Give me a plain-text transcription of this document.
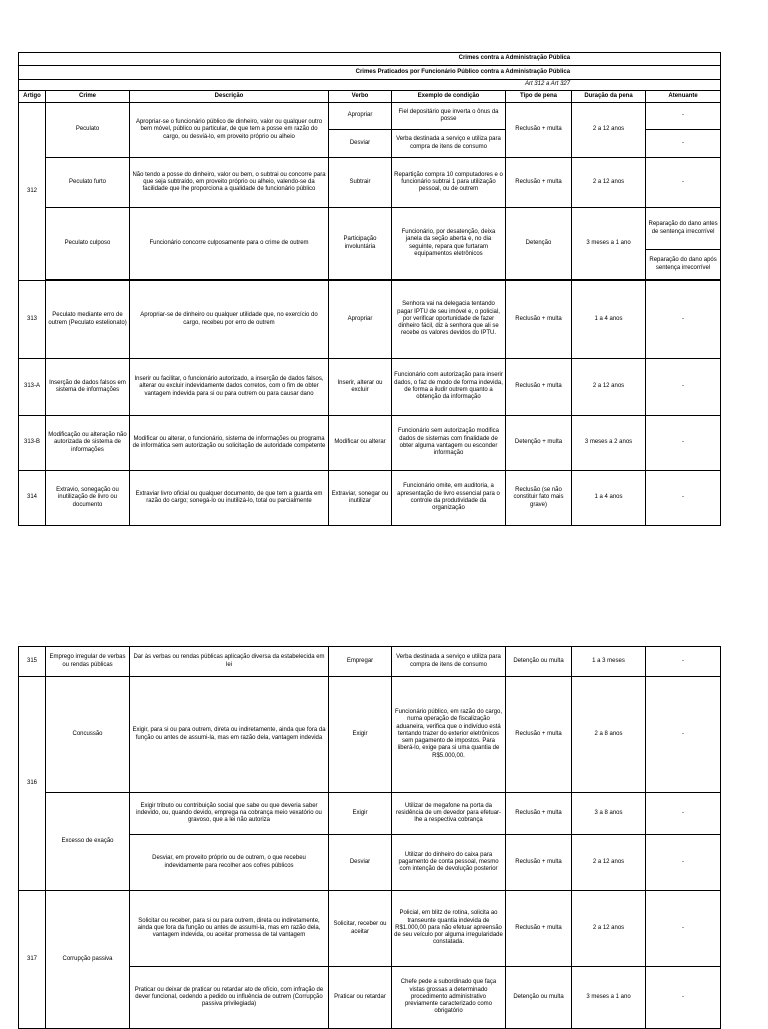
Crimes contra a Administração Pública							
Crimes Praticados por Funcionário Público contra a Administração Pública							
Art 312 a Art 327							
Artigo	Crime	Descrição	Verbo	Exemplo de condição	Tipo de pena	Duração da pena	Atenuante
312	Peculato	Apropriar-se o funcionário público de dinheiro, valor ou qualquer outro bem móvel, público ou particular, de que tem a posse em razão do cargo, ou desviá-lo, em proveito próprio ou alheio	Apropriar	Fiel depositário que inverta o ônus da posse	Reclusão + multa	2 a 12 anos	-
			Desviar	Verba destinada a serviço e utiliza para compra de itens de consumo			-
	Peculato furto	Não tendo a posse do dinheiro, valor ou bem, o subtrai ou concorre para que seja subtraído, em proveito próprio ou alheio, valendo-se da facilidade que lhe proporciona a qualidade de funcionário público	Subtrair	Repartição compra 10 computadores e o funcionário subtrai 1 para utilização pessoal, ou de outrem	Reclusão + multa	2 a 12 anos	-
	Peculato culposo	Funcionário concorre culposamente para o crime de outrem	Participação involuntária	Funcionário, por desatenção, deixa janela da seção aberta e, no dia seguinte, repara que furtaram equipamentos eletrônicos	Detenção	3 meses a 1 ano	Reparação do dano antes de sentença irrecorrível
							Reparação do dano após sentença irrecorrível

313	Peculato mediante erro de outrem (Peculato estelionato)	Apropriar-se de dinheiro ou qualquer utilidade que, no exercício do cargo, recebeu por erro de outrem	Apropriar	Senhora vai na delegacia tentando pagar IPTU de seu imóvel e, o policial, por verificar oportunidade de fazer dinheiro fácil, diz à senhora que ali se recebe os valores devidos do IPTU.	Reclusão + multa	1 a 4 anos	-
313-A	Inserção de dados falsos em sistema de informações	Inserir ou facilitar, o funcionário autorizado, a inserção de dados falsos, alterar ou excluir indevidamente dados corretos, com o fim de obter vantagem indevida para si ou para outrem ou para causar dano	Inserir, alterar ou excluir	Funcionário com autorização para inserir dados, o faz de modo de forma indevida, de forma a iludir outrem quanto a obtenção da informação	Reclusão + multa	2 a 12 anos	-
313-B	Modificação ou alteração não autorizada de sistema de informações	Modificar ou alterar, o funcionário, sistema de informações ou programa de informática sem autorização ou solicitação de autoridade competente	Modificar ou alterar	Funcionário sem autorização modifica dados de sistemas com finalidade de obter alguma vantagem ou esconder informação	Detenção + multa	3 meses a 2 anos	-
314	Extravio, sonegação ou inutilização de livro ou documento	Extraviar livro oficial ou qualquer documento, de que tem a guarda em razão do cargo; sonegá-lo ou inutilizá-lo, total ou parcialmente	Extraviar, sonegar ou inutilizar	Funcionário omite, em auditoria, a apresentação de livro essencial para o controle da produtividade da organização	Reclusão (se não constituir fato mais grave)	1 a 4 anos	-
315	Emprego irregular de verbas ou rendas públicas	Dar às verbas ou rendas públicas aplicação diversa da estabelecida em lei	Empregar	Verba destinada a serviço e utiliza para compra de itens de consumo	Detenção ou multa	1 a 3 meses	-
316	Concussão	Exigir, para si ou para outrem, direta ou indiretamente, ainda que fora da função ou antes de assumi-la, mas em razão dela, vantagem indevida	Exigir	Funcionário público, em razão do cargo, numa operação de fiscalização aduaneira, verifica que o indivíduo está tentando trazer do exterior eletrônicos sem pagamento de impostos. Para liberá-lo, exige para si uma quantia de R$5.000,00.	Reclusão + multa	2 a 8 anos	-
	Excesso de exação	Exigir tributo ou contribuição social que sabe ou que deveria saber indevido, ou, quando devido, emprega na cobrança meio vexatório ou gravoso, que a lei não autoriza	Exigir	Utilizar de megafone na porta da residência de um devedor para efetuar-lhe a respectiva cobrança	Reclusão + multa	3 a 8 anos	-
		Desviar, em proveito próprio ou de outrem, o que recebeu indevidamente para recolher aos cofres públicos	Desviar	Utilizar do dinheiro do caixa para pagamento de conta pessoal, mesmo com intenção de devolução posterior	Reclusão + multa	2 a 12 anos	-
317	Corrupção passiva	Solicitar ou receber, para si ou para outrem, direta ou indiretamente, ainda que fora da função ou antes de assumi-la, mas em razão dela, vantagem indevida, ou aceitar promessa de tal vantagem	Solicitar, receber ou aceitar	Policial, em blitz de rotina, solicita ao transeunte quantia indevida de R$1.000,00 para não efetuar apreensão de seu veículo por alguma irregularidade constatada.	Reclusão + multa	2 a 12 anos	-
		Praticar ou deixar de praticar ou retardar ato de ofício, com infração de dever funcional, cedendo a pedido ou influência de outrem (Corrupção passiva privilegiada)	Praticar ou retardar	Chefe pede a subordinado que faça vistas grossas a determinado procedimento administrativo previamente caracterizado como obrigatório	Detenção ou multa	3 meses a 1 ano	-
